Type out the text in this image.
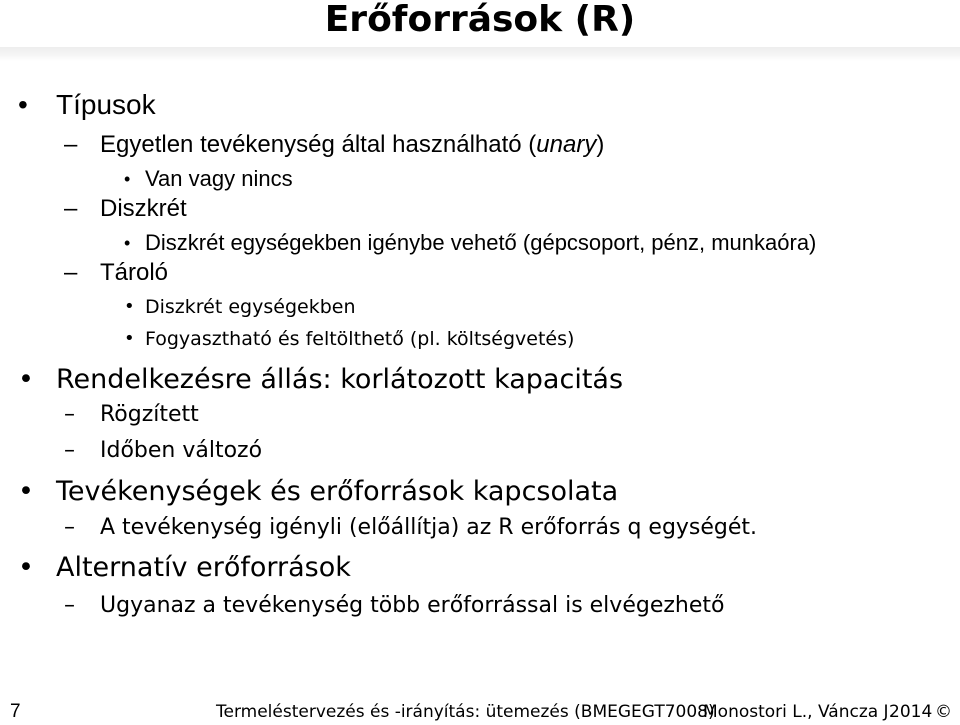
Erőforrások (R)
• Típusok
– Egyetlen tevékenység által használható (unary)
• Van vagy nincs
– Diszkrét
• Diszkrét egységekben igénybe vehető (gépcsoport, pénz, munkaóra)
– Tároló
• Diszkrét egységekben
• Fogyasztható és feltölthető (pl. költségvetés)
• Rendelkezésre állás: korlátozott kapacitás
– Rögzített
– Időben változó
• Tevékenységek és erőforrások kapcsolata
– A tevékenység igényli (előállítja) az R erőforrás q egységét.
• Alternatív erőforrások
– Ugyanaz a tevékenység több erőforrással is elvégezhető
7	Termeléstervezés és -irányítás: ütemezés (BMEGEGT7008)
Monostori L., Váncza J.
2014 ©
